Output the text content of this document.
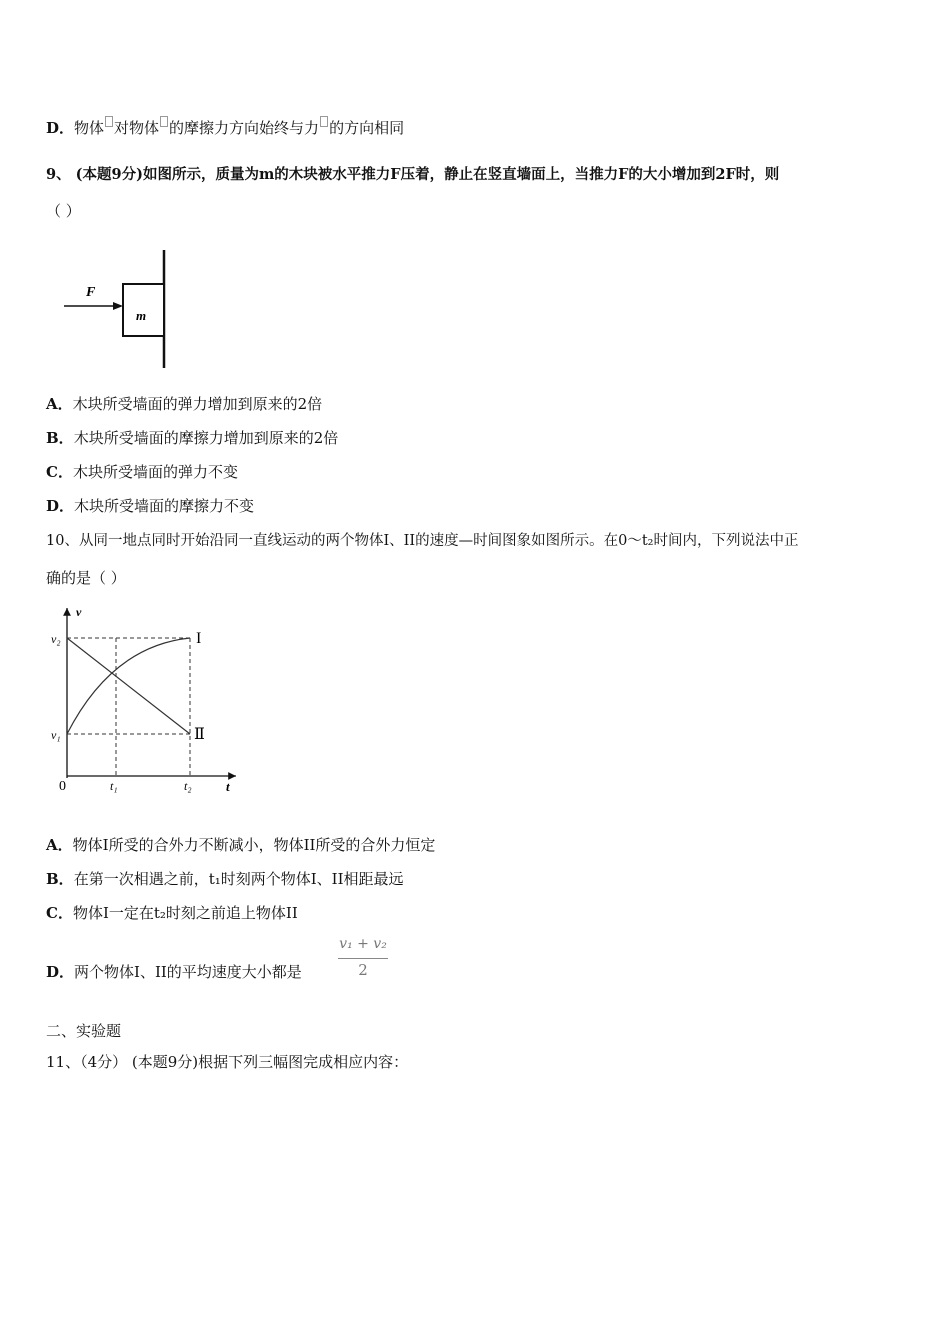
D．物体 对物体 的摩擦力方向始终与力 的方向相同
9、 (本题9分)如图所示，质量为m的木块被水平推力F压着，静止在竖直墙面上，当推力F的大小增加到2F时，则
（ ）
F
m
A．木块所受墙面的弹力增加到原来的2倍
B．木块所受墙面的摩擦力增加到原来的2倍
C．木块所受墙面的弹力不变
D．木块所受墙面的摩擦力不变
10、从同一地点同时开始沿同一直线运动的两个物体I、II的速度—时间图象如图所示。在0～t₂时间内，下列说法中正
确的是（ ）
v
t
0
v₂
v₁
t₁	t₂
I
Ⅱ
A．物体I所受的合外力不断减小，物体II所受的合外力恒定
B．在第一次相遇之前，t₁时刻两个物体I、II相距最远
C．物体I一定在t₂时刻之前追上物体II
D．两个物体I、II的平均速度大小都是
v₁ + v₂
2
二、实验题
11、（4分） (本题9分)根据下列三幅图完成相应内容：
